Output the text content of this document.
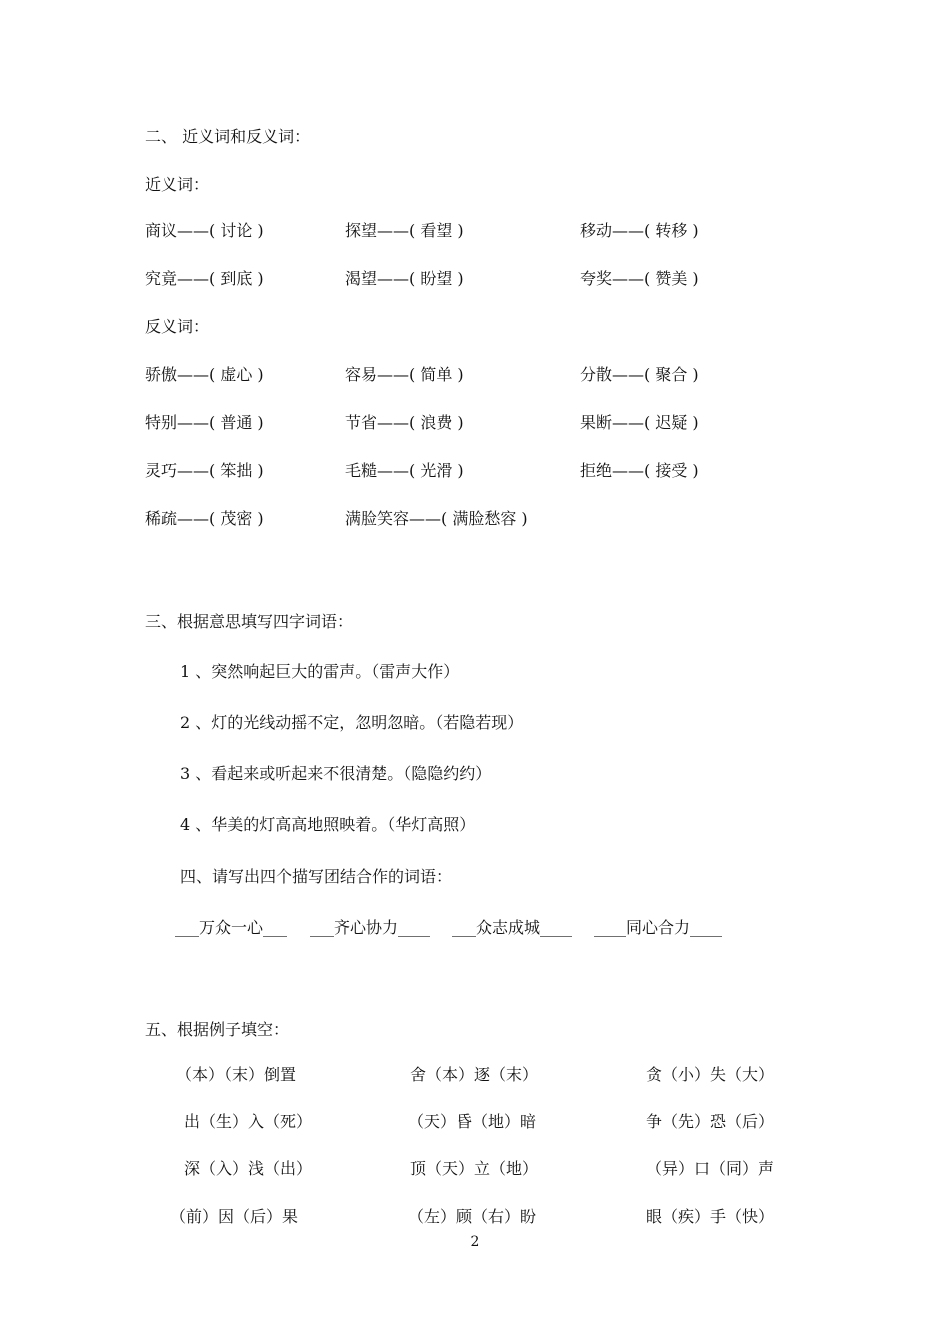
二、 近义词和反义词：
近义词：
商议——( 讨论 )	探望——( 看望 )	移动——( 转移 )
究竟——( 到底 )	渴望——( 盼望 )	夸奖——( 赞美 )
反义词：
骄傲——( 虚心 )	容易——( 简单 )	分散——( 聚合 )
特别——( 普通 )	节省——( 浪费 )	果断——( 迟疑 )
灵巧——( 笨拙 )	毛糙——( 光滑 )	拒绝——( 接受 )
稀疏——( 茂密 )	满脸笑容——( 满脸愁容 )
三、根据意思填写四字词语：
1 、突然响起巨大的雷声。（雷声大作）
2 、灯的光线动摇不定，忽明忽暗。（若隐若现）
3 、看起来或听起来不很清楚。（隐隐约约）
4 、华美的灯高高地照映着。（华灯高照）
四、请写出四个描写团结合作的词语：
___万众一心___ ___齐心协力____ ___众志成城____ ____同心合力____
五、根据例子填空：
（本）（末）倒置	舍（本）逐（末）	贪（小）失（大）
出（生）入（死）	（天）昏（地）暗	争（先）恐（后）
深（入）浅（出）	顶（天）立（地）	（异）口（同）声
（前）因（后）果	（左）顾（右）盼	眼（疾）手（快）
2
